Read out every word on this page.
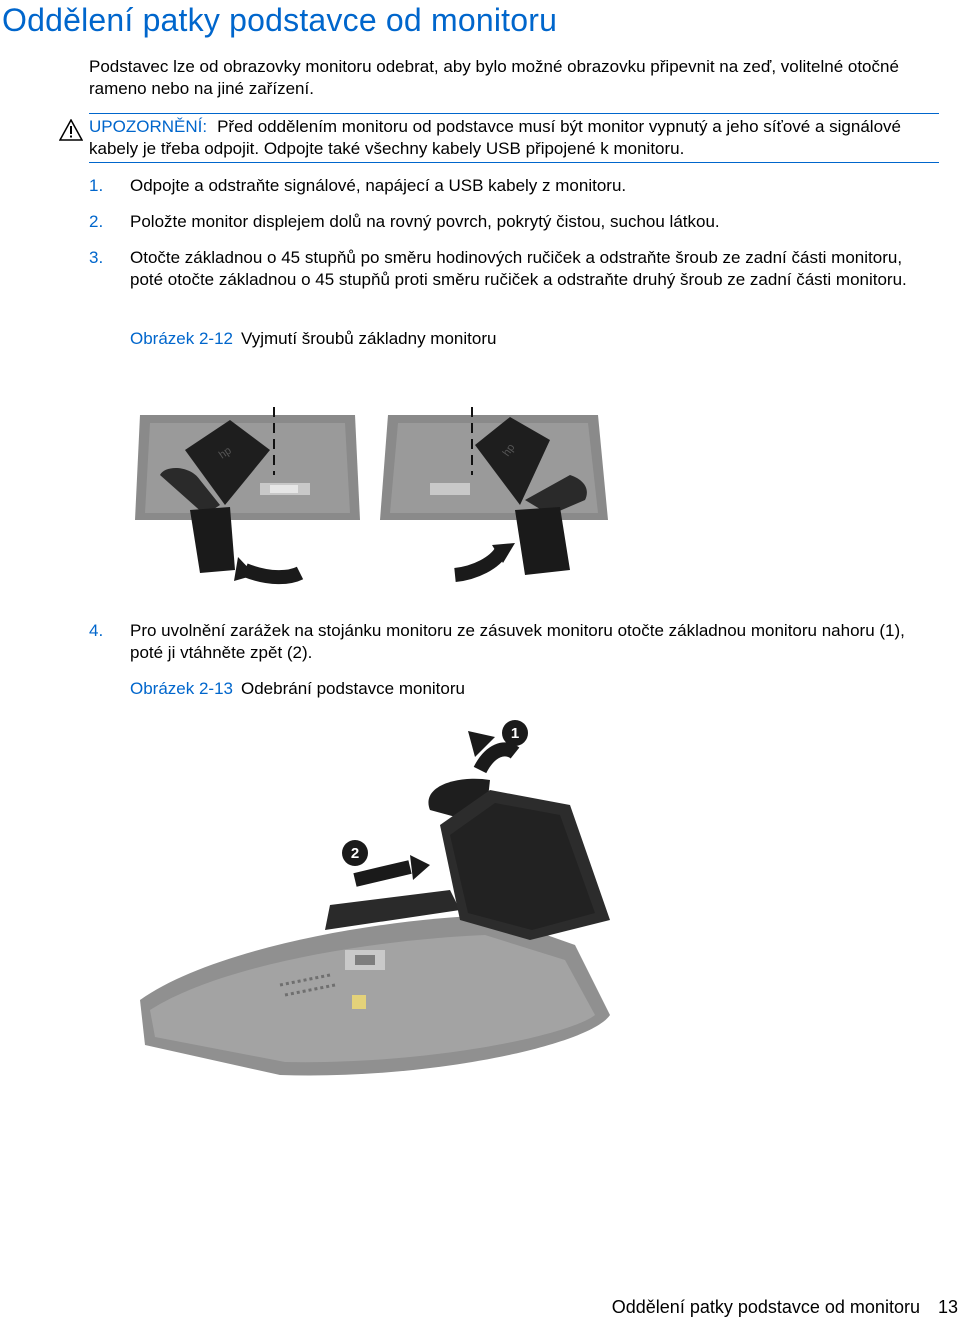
Oddělení patky podstavce od monitoru

Podstavec lze od obrazovky monitoru odebrat, aby bylo možné obrazovku připevnit na zeď, volitelné otočné rameno nebo na jiné zařízení.

UPOZORNĚNÍ: Před oddělením monitoru od podstavce musí být monitor vypnutý a jeho síťové a signálové kabely je třeba odpojit. Odpojte také všechny kabely USB připojené k monitoru.
1. Odpojte a odstraňte signálové, napájecí a USB kabely z monitoru.
2. Položte monitor displejem dolů na rovný povrch, pokrytý čistou, suchou látkou.
3. Otočte základnou o 45 stupňů po směru hodinových ručiček a odstraňte šroub ze zadní části monitoru, poté otočte základnou o 45 stupňů proti směru ručiček a odstraňte druhý šroub ze zadní části monitoru.
Obrázek 2-12 Vyjmutí šroubů základny monitoru
hp	hp
4. Pro uvolnění zarážek na stojánku monitoru ze zásuvek monitoru otočte základnou monitoru nahoru (1), poté ji vtáhněte zpět (2).
Obrázek 2-13 Odebrání podstavce monitoru
1
2
Oddělení patky podstavce od monitoru 13
